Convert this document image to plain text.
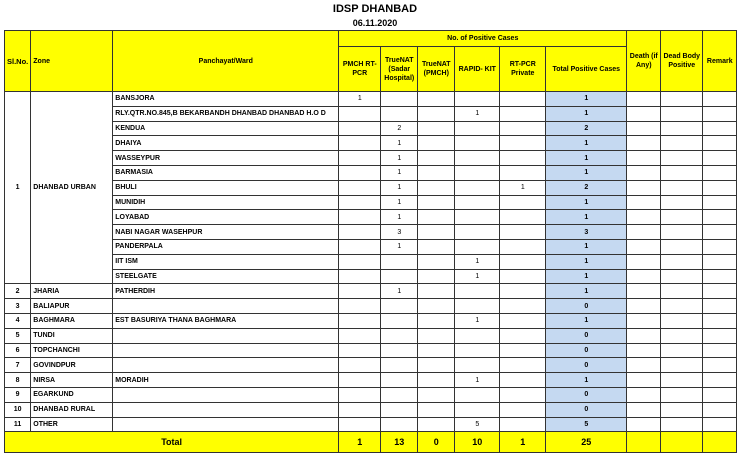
IDSP DHANBAD
06.11.2020
Sl.No.	Zone	Panchayat/Ward	No. of Positive Cases						Death (if Any)	Dead Body Positive	Remark
			PMCH RT-PCR	TrueNAT (Sadar Hospital)	TrueNAT (PMCH)	RAPID- KIT	RT-PCR Private	Total Positive Cases			
1	DHANBAD URBAN	BANSJORA	1					1			
		RLY.QTR.NO.845,B BEKARBANDH DHANBAD DHANBAD H.O D				1		1			
		KENDUA		2				2			
		DHAIYA		1				1			
		WASSEYPUR		1				1			
		BARMASIA		1				1			
		BHULI		1			1	2			
		MUNIDIH		1				1			
		LOYABAD		1				1			
		NABI NAGAR WASEHPUR		3				3			
		PANDERPALA		1				1			
		IIT ISM				1		1			
		STEELGATE				1		1			
2	JHARIA	PATHERDIH		1				1			
3	BALIAPUR							0			
4	BAGHMARA	EST BASURIYA THANA BAGHMARA				1		1			
5	TUNDI							0			
6	TOPCHANCHI							0			
7	GOVINDPUR							0			
8	NIRSA	MORADIH				1		1			
9	EGARKUND							0			
10	DHANBAD RURAL							0			
11	OTHER					5		5			
Total			1	13	0	10	1	25			
